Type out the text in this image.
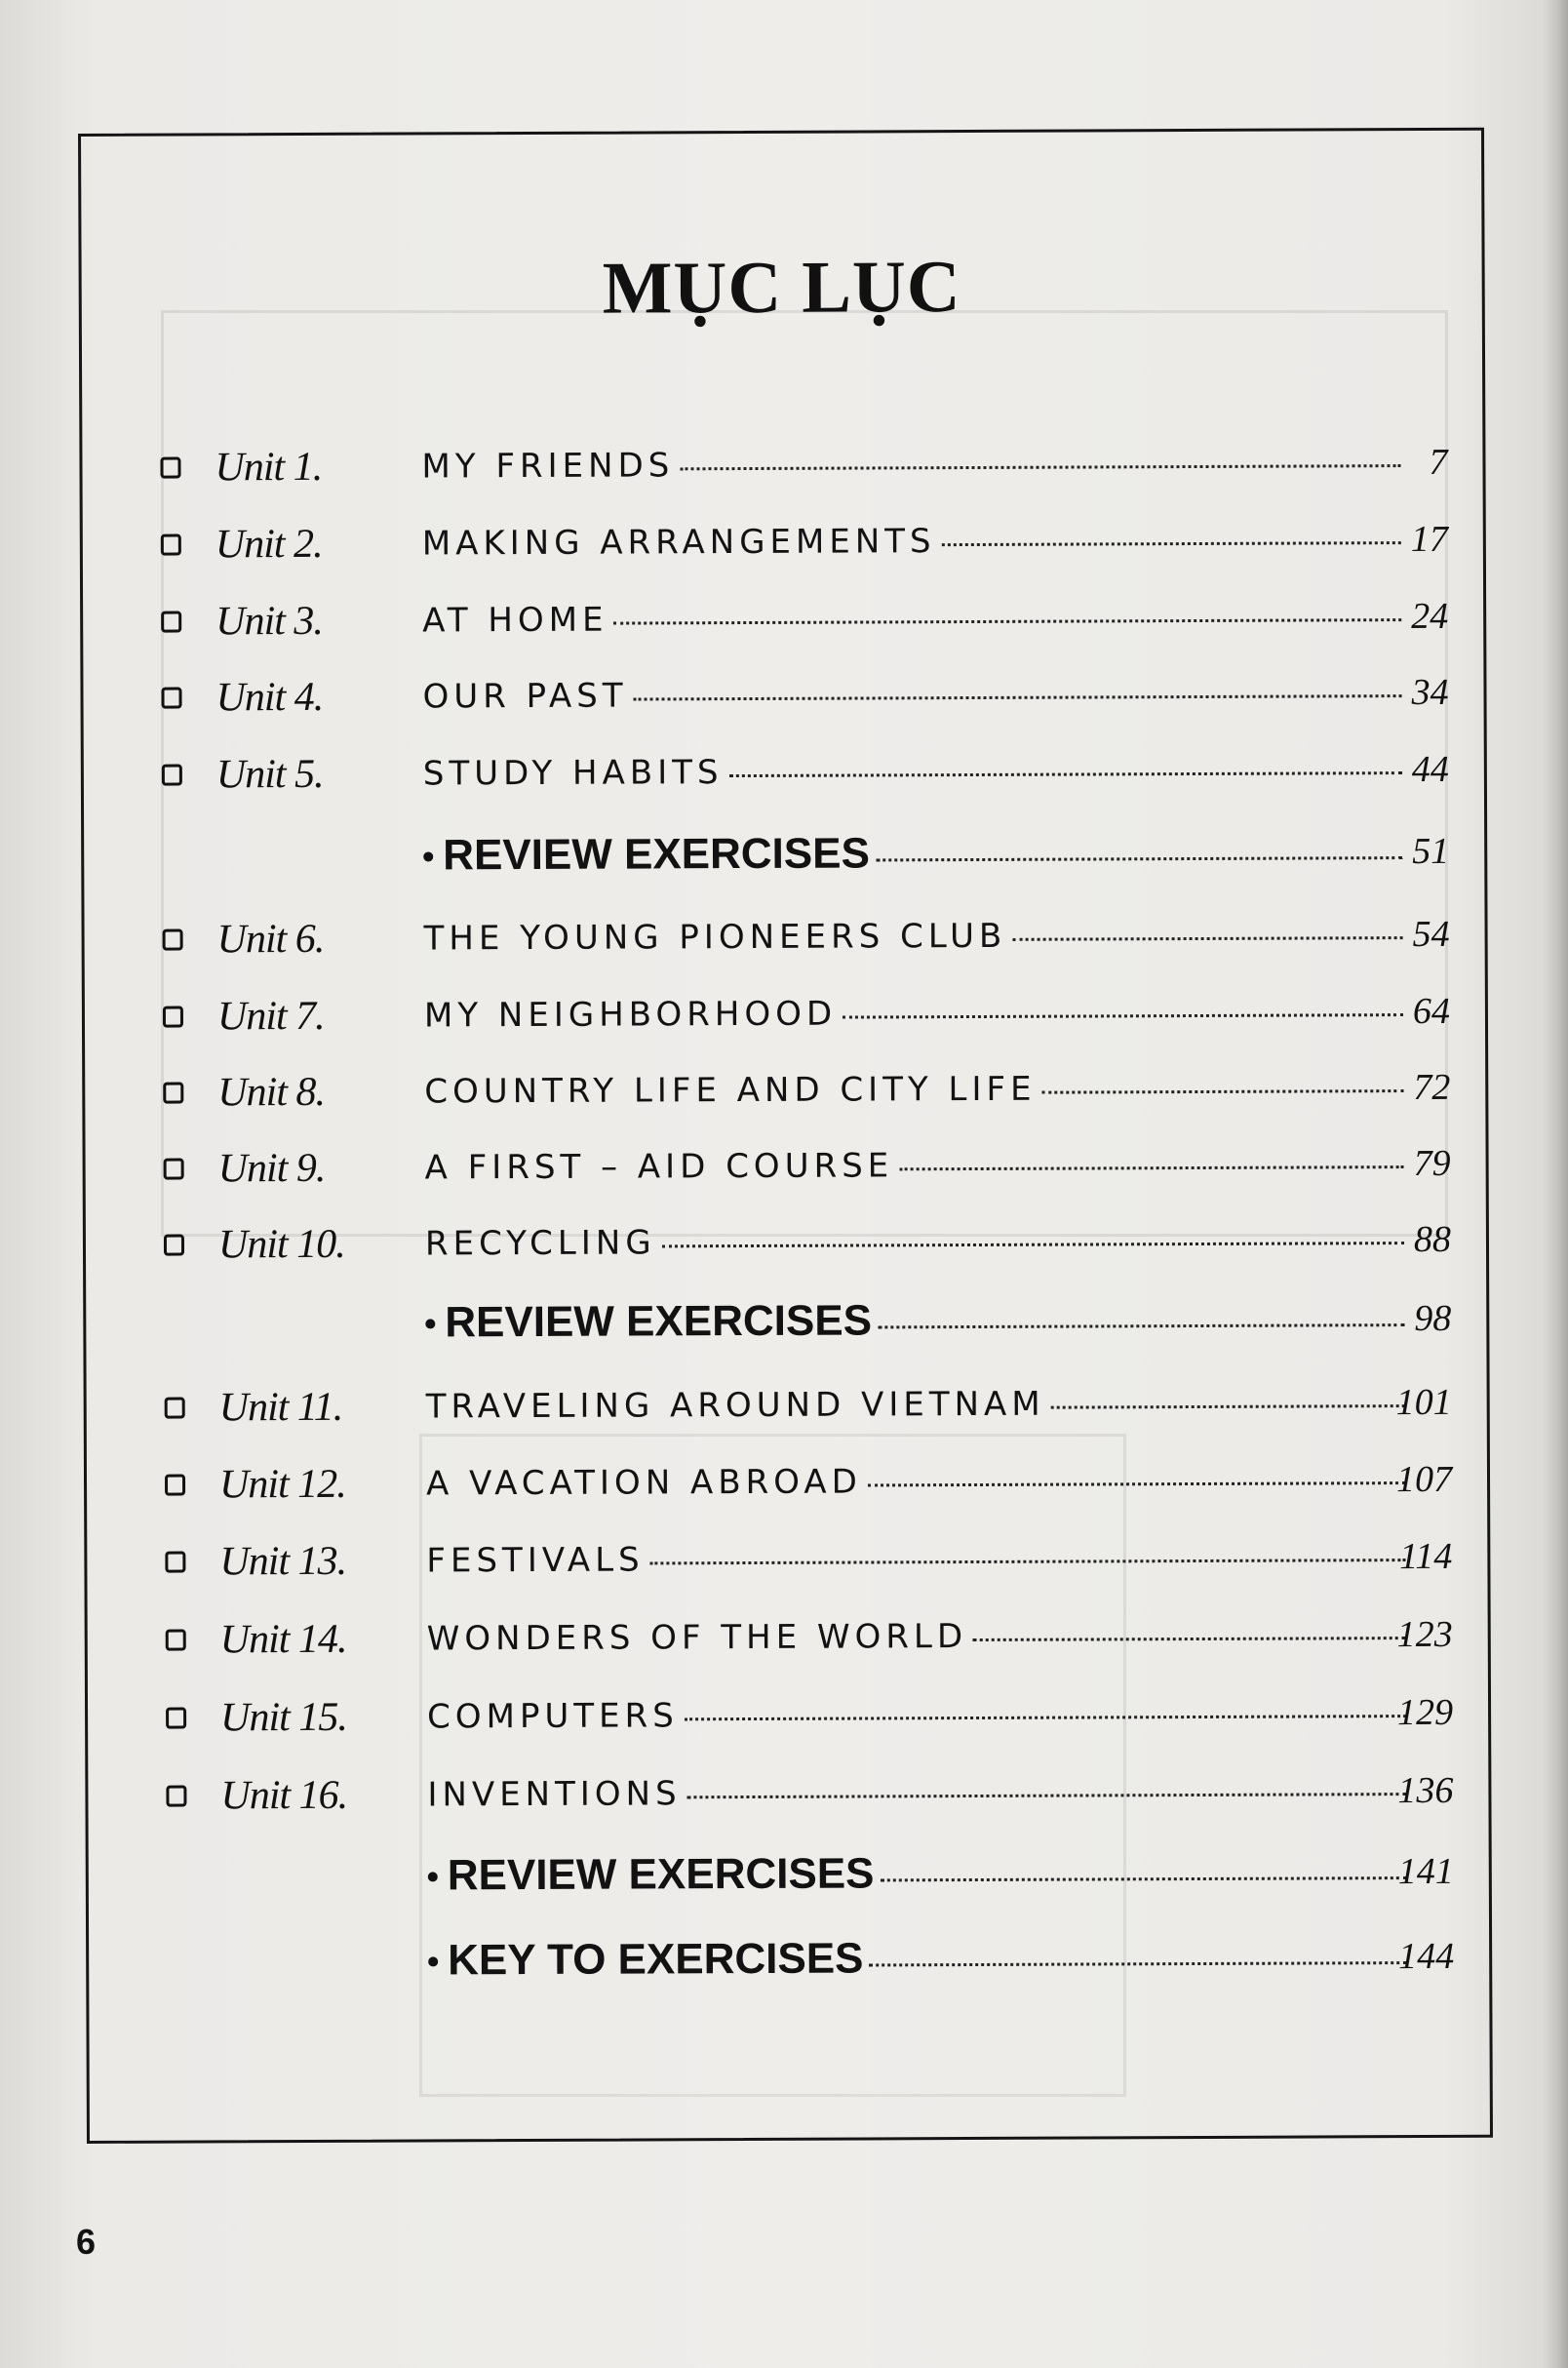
MỤC LỤC
Unit 1.	MY FRIENDS	7
Unit 2.	MAKING ARRANGEMENTS	17
Unit 3.	AT HOME	24
Unit 4.	OUR PAST	34
Unit 5.	STUDY HABITS	44
REVIEW EXERCISES	51
Unit 6.	THE YOUNG PIONEERS CLUB	54
Unit 7.	MY NEIGHBORHOOD	64
Unit 8.	COUNTRY LIFE AND CITY LIFE	72
Unit 9.	A FIRST – AID COURSE	79
Unit 10. RECYCLING	88
REVIEW EXERCISES	98
Unit 11.	TRAVELING AROUND VIETNAM	101
Unit 12. A VACATION ABROAD	107
Unit 13. FESTIVALS	114
Unit 14. WONDERS OF THE WORLD	123
Unit 15. COMPUTERS	129
Unit 16. INVENTIONS	136
REVIEW EXERCISES	141
KEY TO EXERCISES	144
6
